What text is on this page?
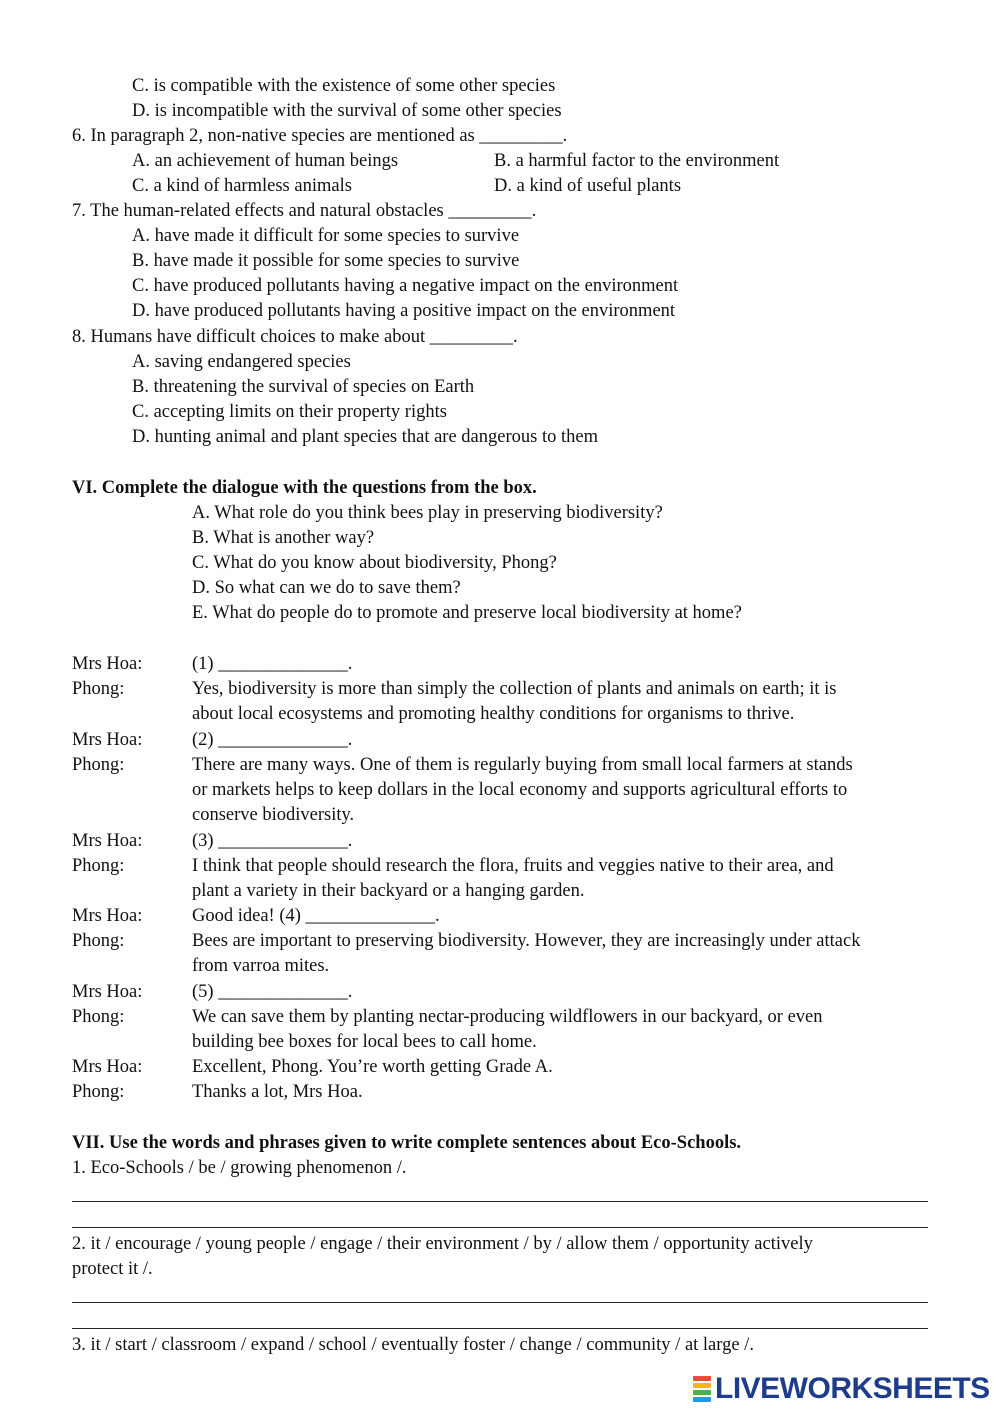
C. is compatible with the existence of some other species
D. is incompatible with the survival of some other species
6. In paragraph 2, non-native species are mentioned as _________.
A. an achievement of human beings	B. a harmful factor to the environment
C. a kind of harmless animals	D. a kind of useful plants
7. The human-related effects and natural obstacles _________.
A. have made it difficult for some species to survive
B. have made it possible for some species to survive
C. have produced pollutants having a negative impact on the environment
D. have produced pollutants having a positive impact on the environment
8. Humans have difficult choices to make about _________.
A. saving endangered species
B. threatening the survival of species on Earth
C. accepting limits on their property rights
D. hunting animal and plant species that are dangerous to them
VI. Complete the dialogue with the questions from the box.
A. What role do you think bees play in preserving biodiversity?
B. What is another way?
C. What do you know about biodiversity, Phong?
D. So what can we do to save them?
E. What do people do to promote and preserve local biodiversity at home?
Mrs Hoa:	(1) ______________.
Phong:	Yes, biodiversity is more than simply the collection of plants and animals on earth; it is
about local ecosystems and promoting healthy conditions for organisms to thrive.
Mrs Hoa:	(2) ______________.
Phong:	There are many ways. One of them is regularly buying from small local farmers at stands
or markets helps to keep dollars in the local economy and supports agricultural efforts to
conserve biodiversity.
Mrs Hoa:	(3) ______________.
Phong:	I think that people should research the flora, fruits and veggies native to their area, and
plant a variety in their backyard or a hanging garden.
Mrs Hoa:	Good idea! (4) ______________.
Phong:	Bees are important to preserving biodiversity. However, they are increasingly under attack
from varroa mites.
Mrs Hoa:	(5) ______________.
Phong:	We can save them by planting nectar-producing wildflowers in our backyard, or even
building bee boxes for local bees to call home.
Mrs Hoa:	Excellent, Phong. You’re worth getting Grade A.
Phong:	Thanks a lot, Mrs Hoa.
VII. Use the words and phrases given to write complete sentences about Eco-Schools.
1. Eco-Schools / be / growing phenomenon /.
2. it / encourage / young people / engage / their environment / by / allow them / opportunity actively
protect it /.
3. it / start / classroom / expand / school / eventually foster / change / community / at large /.
LIVEWORKSHEETS
